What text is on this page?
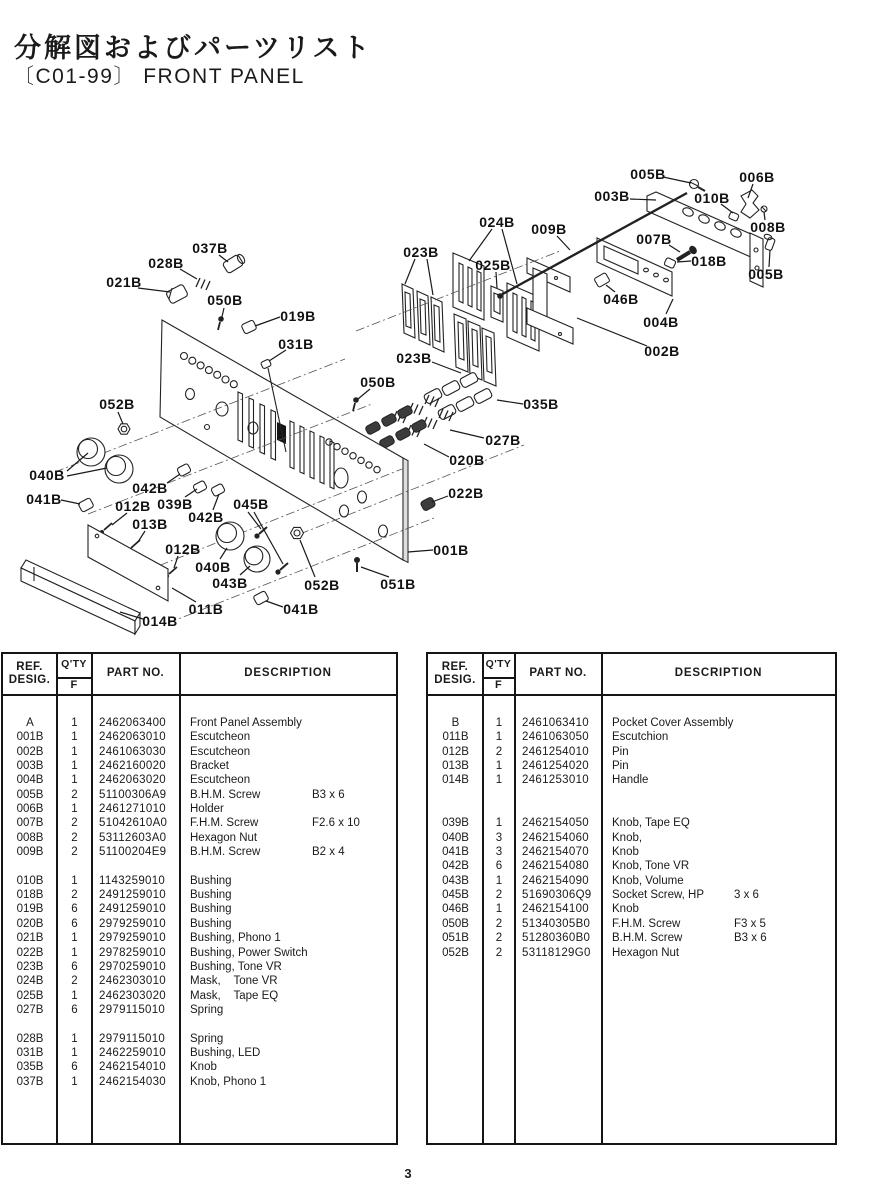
分解図およびパーツリスト
〔C01-99〕 FRONT PANEL
005B	006B
003B	010B
024B 009B
007B
008B
023B
025B	018B
005B
037B
028B
021B
046B
050B
004B
019B
002B
031B
023B
050B
035B
052B
027B
020B
040B
042B
041B	022B
012B 039B
042B
045B
013B
012B
040B
043B	052B
001B
051B
011B	041B
014B
REF.
DESIG.
Q'TY
F
PART NO.	DESCRIPTION
A	1	2462063400	Front Panel Assembly
001B	1	2462063010	Escutcheon
002B	1	2461063030	Escutcheon
003B	1	2462160020	Bracket
004B	1	2462063020	Escutcheon
005B	2	51100306A9	B.H.M. Screw	B3 x 6
006B	1	2461271010	Holder
007B	2	51042610A0	F.H.M. Screw	F2.6 x 10
008B	2	53112603A0	Hexagon Nut
009B	2	51100204E9	B.H.M. Screw	B2 x 4
010B	1	1143259010	Bushing
018B	2	2491259010	Bushing
019B	6	2491259010	Bushing
020B	6	2979259010	Bushing
021B	1	2979259010	Bushing, Phono 1
022B	1	2978259010	Bushing, Power Switch
023B	6	2970259010	Bushing, Tone VR
024B	2	2462303010	Mask,    Tone VR
025B	1	2462303020	Mask,    Tape EQ
027B	6	2979115010	Spring
028B	1	2979115010	Spring
031B	1	2462259010	Bushing, LED
035B	6	2462154010	Knob
037B	1	2462154030	Knob, Phono 1
REF.
DESIG.
Q'TY
F
PART NO.	DESCRIPTION
B	1	2461063410	Pocket Cover Assembly
011B	1	2461063050	Escutchion
012B	2	2461254010	Pin
013B	1	2461254020	Pin
014B	1	2461253010	Handle
039B	1	2462154050	Knob, Tape EQ
040B	3	2462154060	Knob,
041B	3	2462154070	Knob
042B	6	2462154080	Knob, Tone VR
043B	1	2462154090	Knob, Volume
045B	2	51690306Q9	Socket Screw, HP	3 x 6
046B	1	2462154100	Knob
050B	2	51340305B0	F.H.M. Screw	F3 x 5
051B	2	51280360B0	B.H.M. Screw	B3 x 6
052B	2	53118129G0	Hexagon Nut
3
